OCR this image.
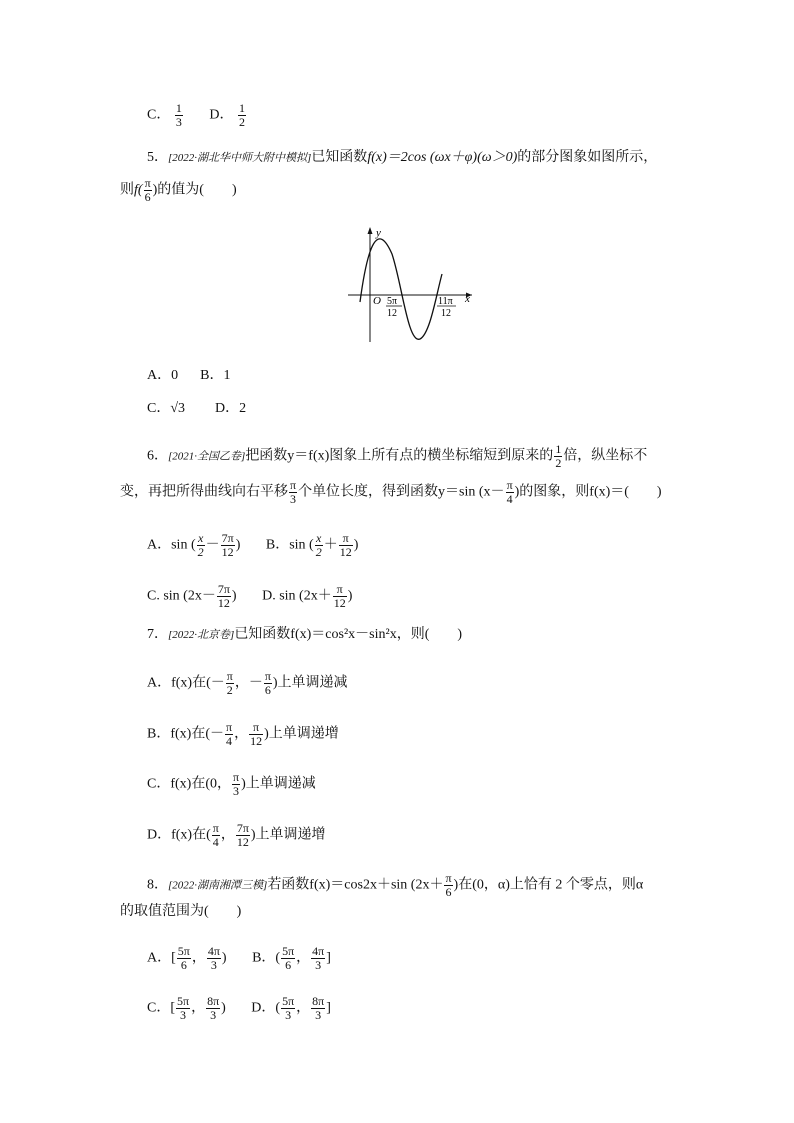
C． $\frac{1}{3}$ D． $\frac{1}{2}$
5．[2022·湖北华中师大附中模拟]已知函数f(x)＝2cos (ωx＋φ)(ω＞0)的部分图象如图所示，
则$f( \frac{\pi}{6}$ )的值为(　　)
y
x
O 5π
12
11π
12
A．0 B．1
C．√3 D．2
6．[2021·全国乙卷]把函数y＝f(x)图象上所有点的横坐标缩短到原来的 $\frac{1}{2}$ 倍，纵坐标不
变，再把所得曲线向右平移 $\frac{\pi}{3}$ 个单位长度，得到函数y＝sin ($x- \frac{\pi}{4}$ )的图象，则f(x)＝(　　)
A．sin ( $\frac{x}{2} - \frac{7\pi}{12}$ ) B．sin ( $\frac{x}{2} + \frac{\pi}{12}$ )
C. $\sin (2x- \frac{7\pi}{12}$ ) D. $\sin (2x+ \frac{\pi}{12}$ )
7．[2022·北京卷]已知函数f(x)＝cos²x－sin²x，则(　　)
A．f(x)在(－ $\frac{\pi}{2}$ ，－ $\frac{\pi}{6}$ )上单调递减
B．f(x)在(－ $\frac{\pi}{4}$ ， $\frac{\pi}{12}$ )上单调递增
C．f(x)在(0， $\frac{\pi}{3}$ )上单调递减
D．f(x)在( $\frac{\pi}{4}$ ， $\frac{7\pi}{12}$ )上单调递增
8．[2022·湖南湘潭三模]若函数f(x)＝cos2x＋sin ($2x+ \frac{\pi}{6}$ )在(0，α)上恰有 2 个零点，则α
的取值范围为(　　)
A．[ $\frac{5\pi}{6}$ ， $\frac{4\pi}{3}$ ) B．( $\frac{5\pi}{6}$ ， $\frac{4\pi}{3}$ ]
C．[ $\frac{5\pi}{3}$ ， $\frac{8\pi}{3}$ ) D．( $\frac{5\pi}{3}$ ， $\frac{8\pi}{3}$ ]
